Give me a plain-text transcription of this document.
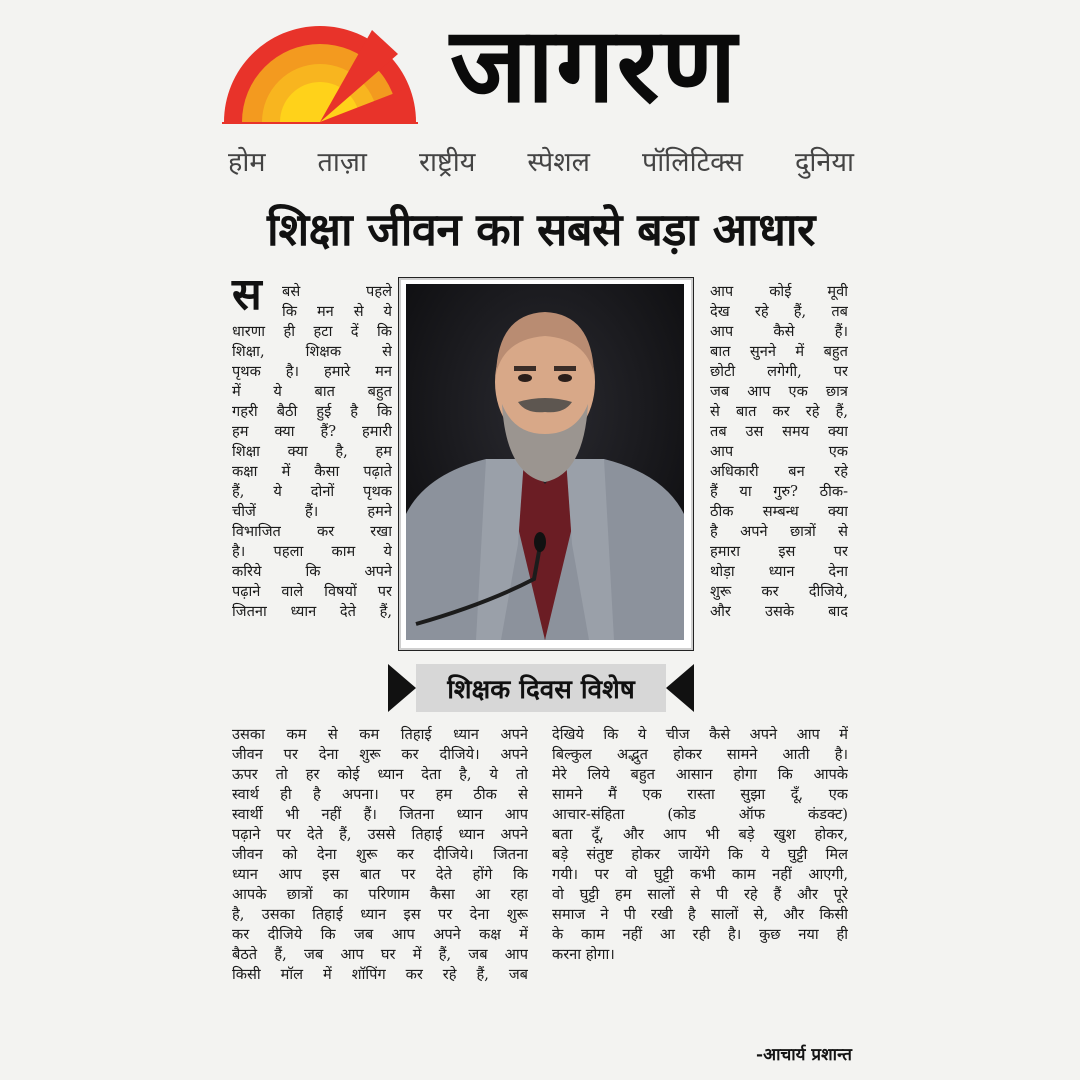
जागरण
होम ताज़ा राष्ट्रीय स्पेशल पॉलिटिक्स दुनिया
शिक्षा जीवन का सबसे बड़ा आधार
स	बसे पहले
कि मन से ये
धारणा ही हटा दें कि
शिक्षा, शिक्षक से
पृथक है। हमारे मन
में ये बात बहुत
गहरी बैठी हुई है कि
हम क्या हैं? हमारी
शिक्षा क्या है, हम
कक्षा में कैसा पढ़ाते
हैं, ये दोनों पृथक
चीजें हैं। हमने
विभाजित कर रखा
है। पहला काम ये
करिये कि अपने
पढ़ाने वाले विषयों पर
जितना ध्यान देते हैं,
आप कोई मूवी
देख रहे हैं, तब
आप कैसे हैं।
बात सुनने में बहुत
छोटी लगेगी, पर
जब आप एक छात्र
से बात कर रहे हैं,
तब उस समय क्या
आप एक
अधिकारी बन रहे
हैं या गुरु? ठीक-
ठीक सम्बन्ध क्या
है अपने छात्रों से
हमारा इस पर
थोड़ा ध्यान देना
शुरू कर दीजिये,
और उसके बाद
शिक्षक दिवस विशेष
उसका कम से कम तिहाई ध्यान अपने
जीवन पर देना शुरू कर दीजिये। अपने
ऊपर तो हर कोई ध्यान देता है, ये तो
स्वार्थ ही है अपना। पर हम ठीक से
स्वार्थी भी नहीं हैं। जितना ध्यान आप
पढ़ाने पर देते हैं, उससे तिहाई ध्यान अपने
जीवन को देना शुरू कर दीजिये। जितना
ध्यान आप इस बात पर देते होंगे कि
आपके छात्रों का परिणाम कैसा आ रहा
है, उसका तिहाई ध्यान इस पर देना शुरू
कर दीजिये कि जब आप अपने कक्ष में
बैठते हैं, जब आप घर में हैं, जब आप
किसी मॉल में शॉपिंग कर रहे हैं, जब
देखिये कि ये चीज कैसे अपने आप में
बिल्कुल अद्भुत होकर सामने आती है।
मेरे लिये बहुत आसान होगा कि आपके
सामने मैं एक रास्ता सुझा दूँ, एक
आचार-संहिता (कोड ऑफ कंडक्ट)
बता दूँ, और आप भी बड़े खुश होकर,
बड़े संतुष्ट होकर जायेंगे कि ये घुट्टी मिल
गयी। पर वो घुट्टी कभी काम नहीं आएगी,
वो घुट्टी हम सालों से पी रहे हैं और पूरे
समाज ने पी रखी है सालों से, और किसी
के काम नहीं आ रही है। कुछ नया ही
करना होगा।
-आचार्य प्रशान्त
